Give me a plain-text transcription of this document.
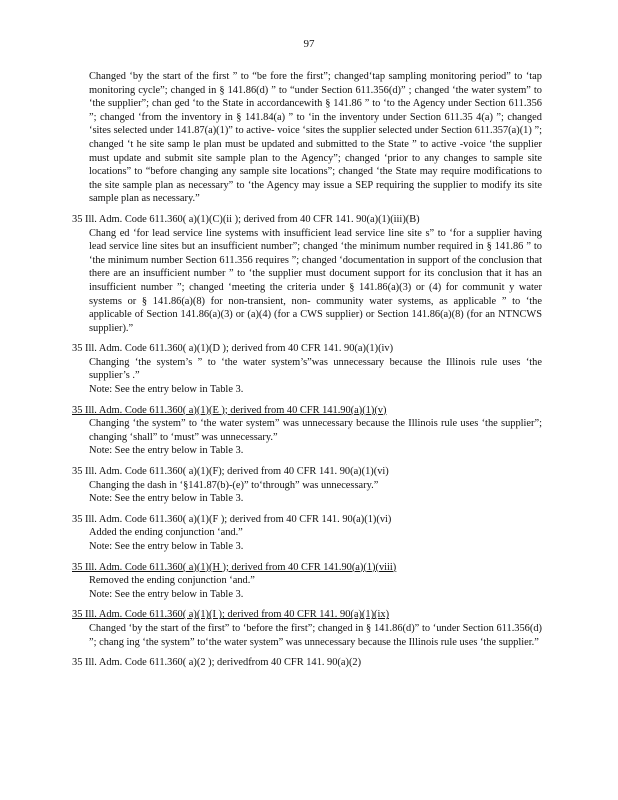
97
Changed ‘by the start of the first ” to “be fore the first”; changed‘tap sampling monitoring period” to ‘tap monitoring cycle”; changed in § 141.86(d) ” to “under Section 611.356(d)” ; changed ‘the water system” to ‘the supplier”; chan ged ‘to the State in accordancewith § 141.86 ” to ‘to the Agency under Section 611.356 ”; changed ‘from the inventory in § 141.84(a) ” to ‘in the inventory under Section 611.35 4(a) ”; changed ‘sites selected under 141.87(a)(1)” to active- voice ‘sites the supplier selected under Section 611.357(a)(1) ”; changed ‘t he site samp le plan must be updated and submitted to the State ” to active -voice ‘the supplier must update and submit site sample plan to the Agency”; changed ‘prior to any changes to sample site locations” to “before changing any sample site locations”; changed ‘the State may require modifications to the site sample plan as necessary” to ‘the Agency may issue a SEP requiring the supplier to modify its site sample plan as necessary.”
35 Ill. Adm. Code 611.360( a)(1)(C)(ii ); derived from 40 CFR 141. 90(a)(1)(iii)(B)
Chang ed ‘for lead service line systems with insufficient lead service line site s” to ‘for a supplier having lead service line sites but an insufficient number”; changed ‘the minimum number required in § 141.86 ” to ‘the minimum number Section 611.356 requires ”; changed ‘documentation in support of the conclusion that there are an insufficient number ” to ‘the supplier must document support for its conclusion that it has an insufficient number ”; changed ‘meeting the criteria under § 141.86(a)(3) or (4) for communit y water systems or § 141.86(a)(8) for non-transient, non- community water systems, as applicable ” to ‘the applicable of Section 141.86(a)(3) or (a)(4) (for a CWS supplier) or Section 141.86(a)(8) (for an NTNCWS supplier).”
35 Ill. Adm. Code 611.360( a)(1)(D ); derived from 40 CFR 141. 90(a)(1)(iv)
Changing ‘the system’s ” to ‘the water system’s”was unnecessary because the Illinois rule uses ‘the supplier’s .”
Note: See the entry below in Table 3.
35 Ill. Adm. Code 611.360( a)(1)(E ); derived from 40 CFR 141.90(a)(1)(v)
Changing ‘the system” to ‘the water system” was unnecessary because the Illinois rule uses ‘the supplier”; changing ‘shall” to ‘must” was unnecessary.”
Note: See the entry below in Table 3.
35 Ill. Adm. Code 611.360( a)(1)(F); derived from 40 CFR 141. 90(a)(1)(vi)
Changing the dash in ‘§141.87(b)-(e)” to‘through” was unnecessary.”
Note: See the entry below in Table 3.
35 Ill. Adm. Code 611.360( a)(1)(F ); derived from 40 CFR 141. 90(a)(1)(vi)
Added the ending conjunction ‘and.”
Note: See the entry below in Table 3.
35 Ill. Adm. Code 611.360( a)(1)(H ); derived from 40 CFR 141.90(a)(1)(viii)
Removed the ending conjunction ‘and.”
Note: See the entry below in Table 3.
35 Ill. Adm. Code 611.360( a)(1)(I ); derived from 40 CFR 141. 90(a)(1)(ix)
Changed ‘by the start of the first” to ‘before the first”; changed in § 141.86(d)” to ‘under Section 611.356(d) ”; chang ing ‘the system” to‘the water system” was unnecessary because the Illinois rule uses ‘the supplier.”
35 Ill. Adm. Code 611.360( a)(2 ); derivedfrom 40 CFR 141. 90(a)(2)
